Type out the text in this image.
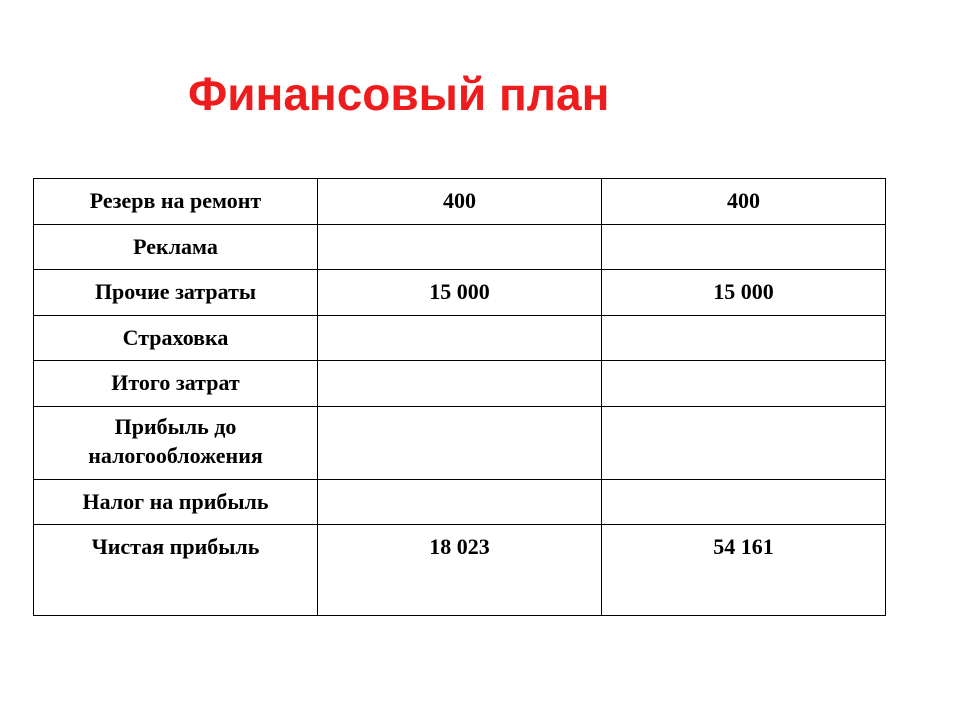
Финансовый план
Резерв на ремонт	400	400

Реклама		

Прочие затраты	15 000	15 000

Страховка		

Итого затрат		

Прибыль до
налогообложения		

Налог на прибыль		

Чистая прибыль	18 023	54 161
